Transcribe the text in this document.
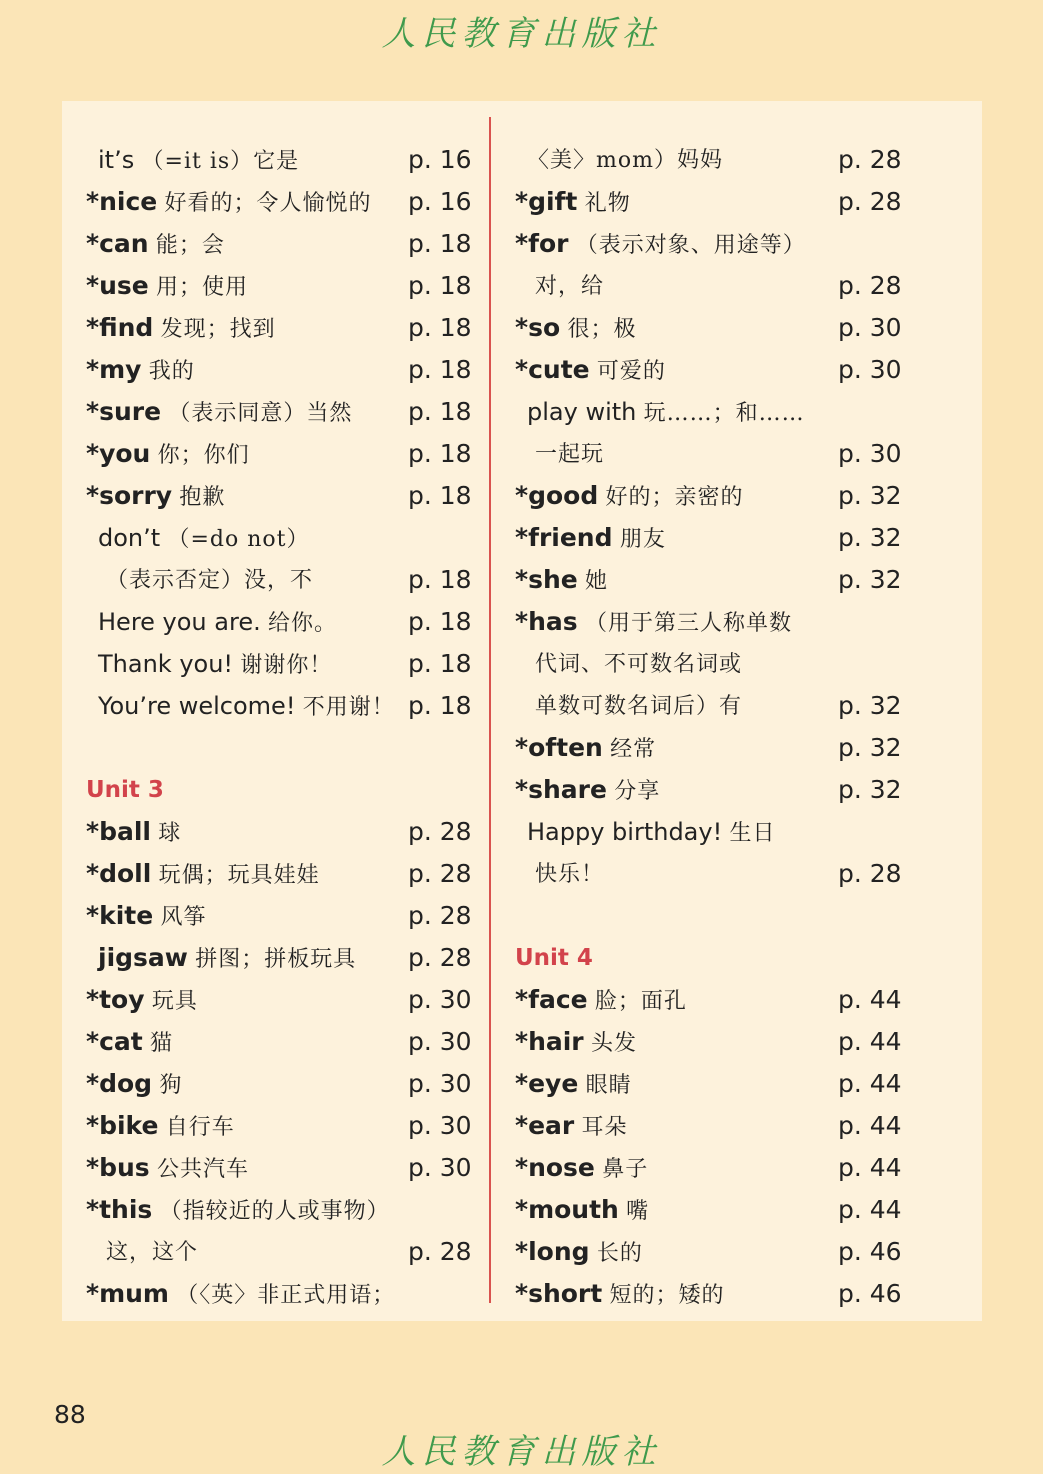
人民教育出版社
it’s （=it is）它是	p. 16
*nice 好看的；令人愉悦的 p. 16
*can 能；会	p. 18
*use 用；使用	p. 18
*find 发现；找到	p. 18
*my 我的	p. 18
*sure （表示同意）当然 p. 18
*you 你；你们	p. 18
*sorry 抱歉	p. 18
don’t （=do not）
（表示否定）没，不	p. 18
Here you are. 给你。	p. 18
Thank you! 谢谢你！	p. 18
You’re welcome! 不用谢！ p. 18
Unit 3
*ball 球	p. 28
*doll 玩偶；玩具娃娃	p. 28
*kite 风筝	p. 28
jigsaw 拼图；拼板玩具 p. 28
*toy 玩具	p. 30
*cat 猫	p. 30
*dog 狗	p. 30
*bike 自行车	p. 30
*bus 公共汽车	p. 30
*this （指较近的人或事物）
这，这个	p. 28
*mum （〈英〉非正式用语；
〈美〉mom）妈妈	p. 28
*gift 礼物	p. 28
*for （表示对象、用途等）
对，给	p. 28
*so 很；极	p. 30
*cute 可爱的	p. 30
play with 玩……；和……
一起玩	p. 30
*good 好的；亲密的	p. 32
*friend 朋友	p. 32
*she 她	p. 32
*has （用于第三人称单数
代词、不可数名词或
单数可数名词后）有	p. 32
*often 经常	p. 32
*share 分享	p. 32
Happy birthday! 生日
快乐！	p. 28
Unit 4
*face 脸；面孔	p. 44
*hair 头发	p. 44
*eye 眼睛	p. 44
*ear 耳朵	p. 44
*nose 鼻子	p. 44
*mouth 嘴	p. 44
*long 长的	p. 46
*short 短的；矮的	p. 46
88
人民教育出版社
